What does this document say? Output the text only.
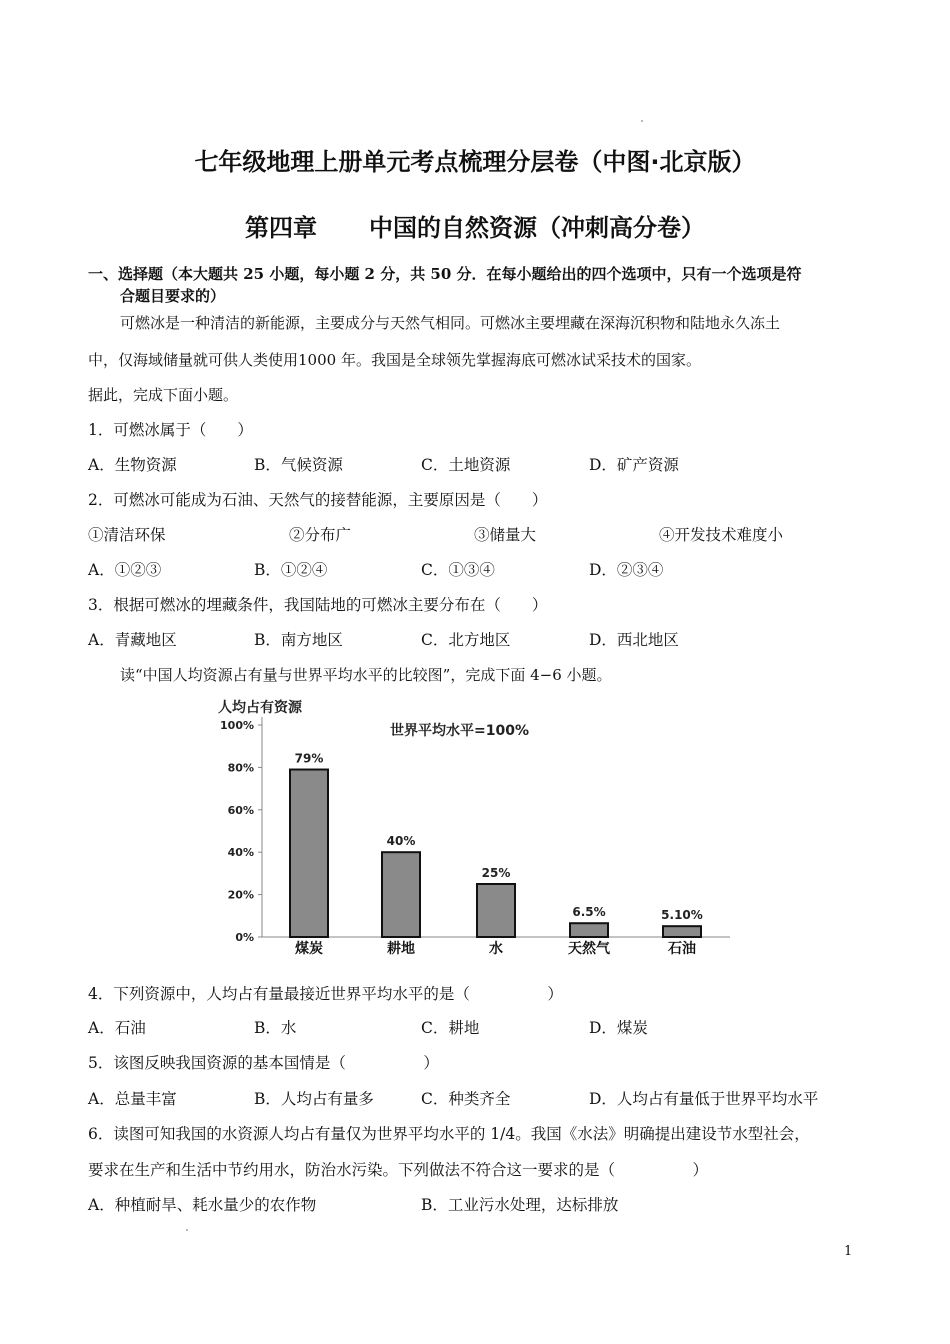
七年级地理上册单元考点梳理分层卷（中图·北京版）
第四章 中国的自然资源（冲刺高分卷）
一、选择题（本大题共 25 小题，每小题 2 分，共 50 分．在每小题给出的四个选项中，只有一个选项是符
合题目要求的）
可燃冰是一种清洁的新能源，主要成分与天然气相同。可燃冰主要埋藏在深海沉积物和陆地永久冻土
中，仅海域储量就可供人类使用1000 年。我国是全球领先掌握海底可燃冰试采技术的国家。
据此，完成下面小题。
1．可燃冰属于（　　）
A．生物资源	B．气候资源	C．土地资源	D．矿产资源
2．可燃冰可能成为石油、天然气的接替能源，主要原因是（　　）
①清洁环保	②分布广	③储量大	④开发技术难度小
A．①②③	B．①②④	C．①③④	D．②③④
3．根据可燃冰的埋藏条件，我国陆地的可燃冰主要分布在（　　）
A．青藏地区	B．南方地区	C．北方地区	D．西北地区
读“中国人均资源占有量与世界平均水平的比较图”，完成下面 4−6 小题。
人均占有资源
世界平均水平=100%
100%
80%
60%
40%
20%
0%
79%
煤炭
40%
耕地
25%
水
6.5%
天然气
5.10%
石油
4．下列资源中，人均占有量最接近世界平均水平的是（　　　　　）
A．石油	B．水	C．耕地	D．煤炭
5．该图反映我国资源的基本国情是（　　　　　）
A．总量丰富	B．人均占有量多	C．种类齐全	D．人均占有量低于世界平均水平
6．读图可知我国的水资源人均占有量仅为世界平均水平的 1/4。我国《水法》明确提出建设节水型社会，
要求在生产和生活中节约用水，防治水污染。下列做法不符合这一要求的是（　　　　　）
A．种植耐旱、耗水量少的农作物	B．工业污水处理，达标排放
1
